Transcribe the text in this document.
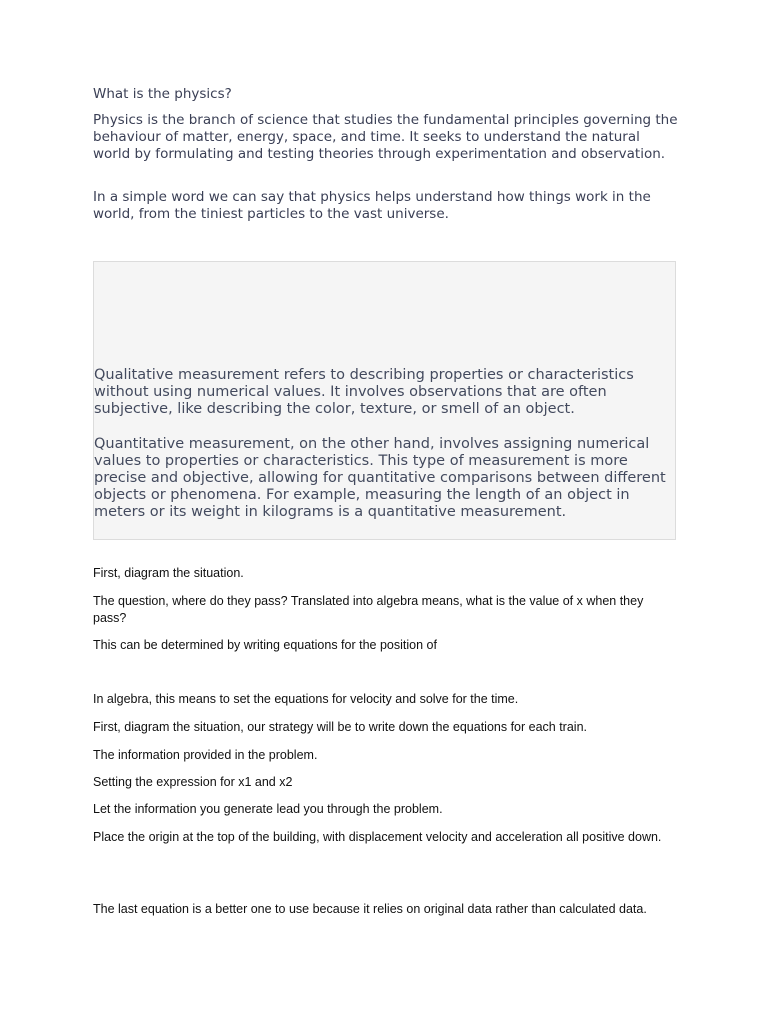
What is the physics?

Physics is the branch of science that studies the fundamental principles governing the behaviour of matter, energy, space, and time. It seeks to understand the natural world by formulating and testing theories through experimentation and observation.

In a simple word we can say that physics helps understand how things work in the world, from the tiniest particles to the vast universe.

Qualitative measurement refers to describing properties or characteristics without using numerical values. It involves observations that are often subjective, like describing the color, texture, or smell of an object.

Quantitative measurement, on the other hand, involves assigning numerical values to properties or characteristics. This type of measurement is more precise and objective, allowing for quantitative comparisons between different objects or phenomena. For example, measuring the length of an object in meters or its weight in kilograms is a quantitative measurement.

First, diagram the situation.

The question, where do they pass? Translated into algebra means, what is the value of x when they pass?

This can be determined by writing equations for the position of

In algebra, this means to set the equations for velocity and solve for the time.

First, diagram the situation, our strategy will be to write down the equations for each train.

The information provided in the problem.

Setting the expression for x1 and x2

Let the information you generate lead you through the problem.

Place the origin at the top of the building, with displacement velocity and acceleration all positive down.

The last equation is a better one to use because it relies on original data rather than calculated data.
